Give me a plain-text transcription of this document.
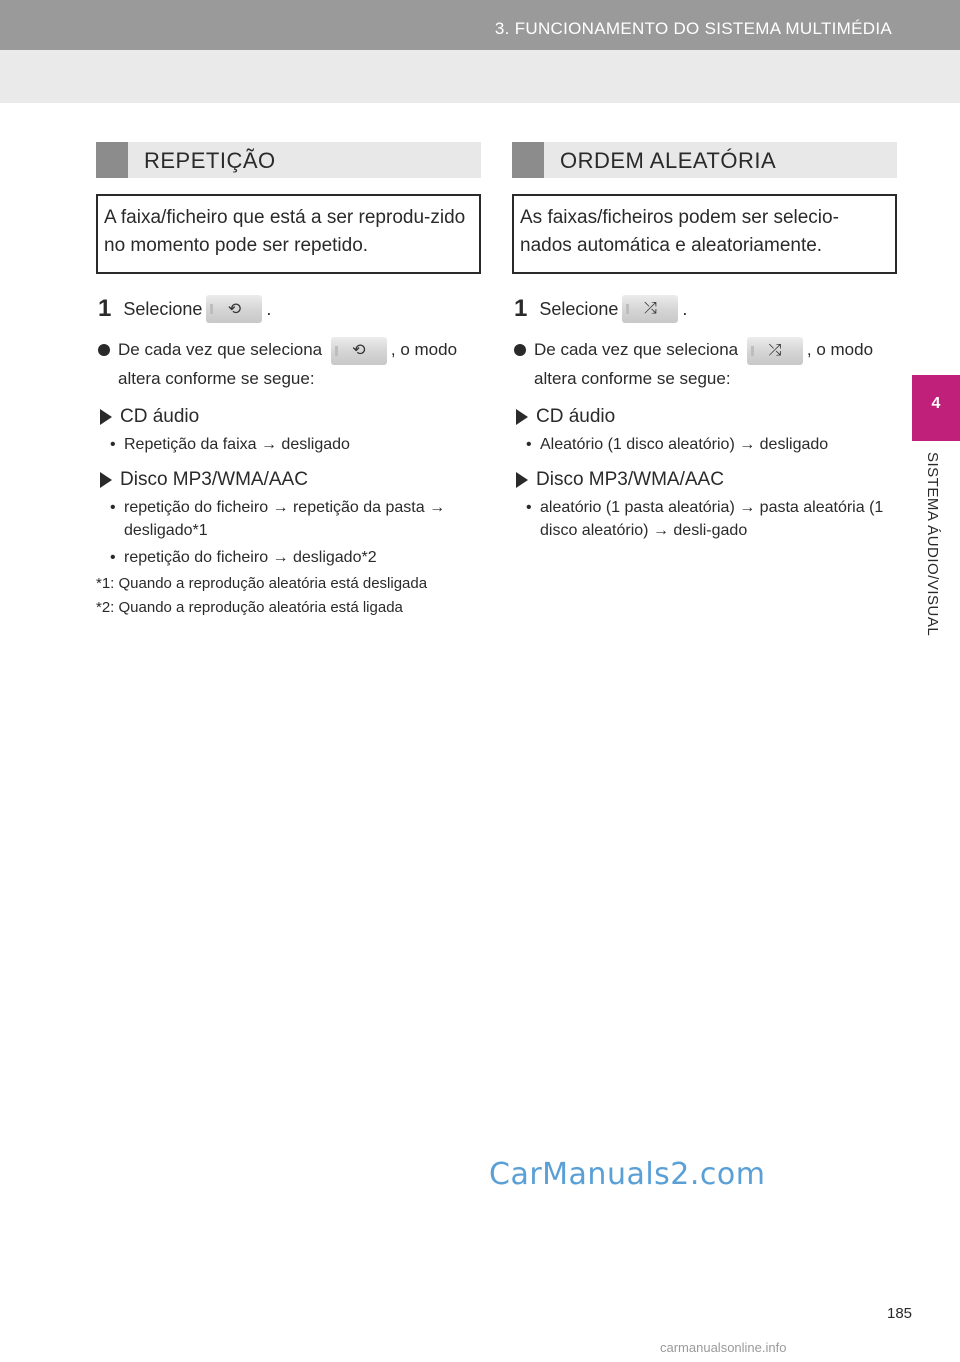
3. FUNCIONAMENTO DO SISTEMA MULTIMÉDIA
4
SISTEMA ÁUDIO/VISUAL
REPETIÇÃO
A faixa/ficheiro que está a ser reprodu-zido no momento pode ser repetido.
1 Selecione ⟲ .
De cada vez que seleciona ⟲ , o modo altera conforme se segue:
CD áudio
• Repetição da faixa → desligado
Disco MP3/WMA/AAC
• repetição do ficheiro → repetição da pasta → desligado*1
• repetição do ficheiro → desligado*2
*1: Quando a reprodução aleatória está desligada
*2: Quando a reprodução aleatória está ligada
ORDEM ALEATÓRIA
As faixas/ficheiros podem ser selecio-nados automática e aleatoriamente.
1 Selecione ⤮ .
De cada vez que seleciona ⤮ , o modo altera conforme se segue:
CD áudio
• Aleatório (1 disco aleatório) → desligado
Disco MP3/WMA/AAC
• aleatório (1 pasta aleatória) → pasta aleatória (1 disco aleatório) → desli-gado
CarManuals2.com
185
carmanualsonline.info
